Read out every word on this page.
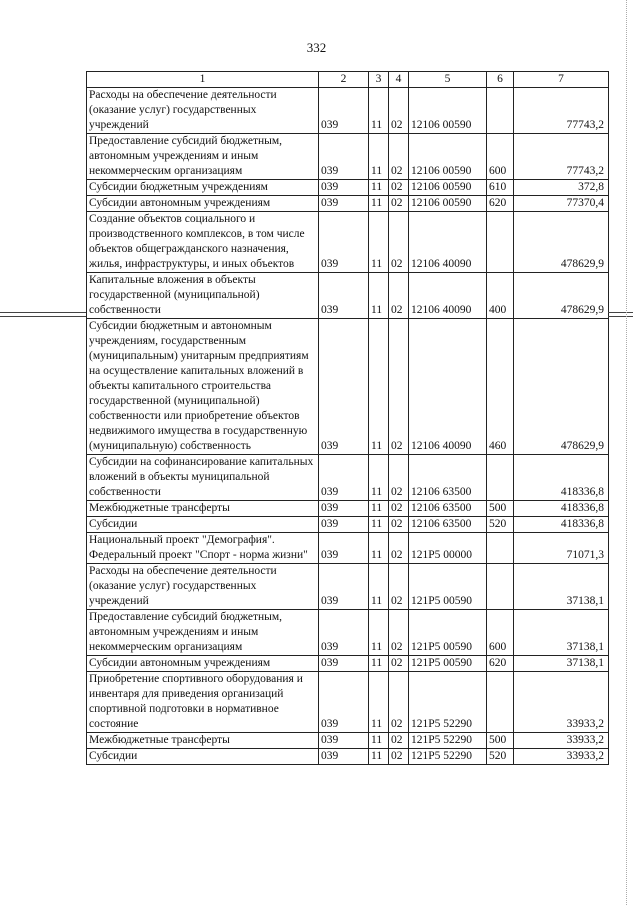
332
1	2	3	4	5	6	7
Расходы на обеспечение деятельности (оказание услуг) государственных учреждений	039	11	02	12106 00590		77743,2
Предоставление субсидий бюджетным, автономным учреждениям и иным некоммерческим организациям	039	11	02	12106 00590	600	77743,2
Субсидии бюджетным учреждениям	039	11	02	12106 00590	610	372,8
Субсидии автономным учреждениям	039	11	02	12106 00590	620	77370,4
Создание объектов социального и производственного комплексов, в том числе объектов общегражданского назначения, жилья, инфраструктуры, и иных объектов	039	11	02	12106 40090		478629,9
Капитальные вложения в объекты государственной (муниципальной) собственности	039	11	02	12106 40090	400	478629,9
Субсидии бюджетным и автономным учреждениям, государственным (муниципальным) унитарным предприятиям на осуществление капитальных вложений в объекты капитального строительства государственной (муниципальной) собственности или приобретение объектов недвижимого имущества в государственную (муниципальную) собственность	039	11	02	12106 40090	460	478629,9
Субсидии на софинансирование капитальных вложений в объекты муниципальной собственности	039	11	02	12106 63500		418336,8
Межбюджетные трансферты	039	11	02	12106 63500	500	418336,8
Субсидии	039	11	02	12106 63500	520	418336,8
Национальный проект "Демография". Федеральный проект "Спорт - норма жизни"	039	11	02	121P5 00000		71071,3
Расходы на обеспечение деятельности (оказание услуг) государственных учреждений	039	11	02	121P5 00590		37138,1
Предоставление субсидий бюджетным, автономным учреждениям и иным некоммерческим организациям	039	11	02	121P5 00590	600	37138,1
Субсидии автономным учреждениям	039	11	02	121P5 00590	620	37138,1
Приобретение спортивного оборудования и инвентаря для приведения организаций спортивной подготовки в нормативное состояние	039	11	02	121P5 52290		33933,2
Межбюджетные трансферты	039	11	02	121P5 52290	500	33933,2
Субсидии	039	11	02	121P5 52290	520	33933,2
